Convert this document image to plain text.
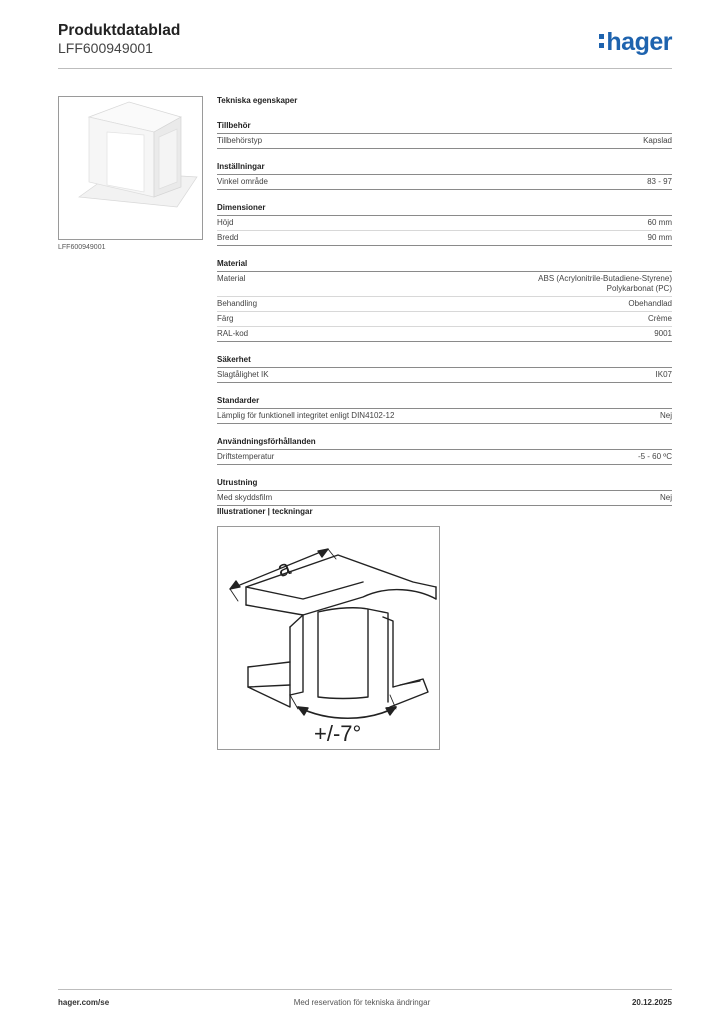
Produktdatablad
LFF600949001	hager
LFF600949001
Tekniska egenskaper
Tillbehör
Tillbehörstyp	Kapslad
Inställningar
Vinkel område	83 - 97
Dimensioner
Höjd	60 mm
Bredd	90 mm
Material
Material	ABS (Acrylonitrile-Butadiene-Styrene)
Polykarbonat (PC)
Behandling	Obehandlad
Färg	Crème
RAL-kod	9001
Säkerhet
Slagtålighet IK	IK07
Standarder
Lämplig för funktionell integritet enligt DIN4102-12	Nej
Användningsförhållanden
Driftstemperatur	-5 - 60 ºC
Utrustning
Med skyddsfilm	Nej
Illustrationer | teckningar
a
+/-7°
hager.com/se	Med reservation för tekniska ändringar	20.12.2025
